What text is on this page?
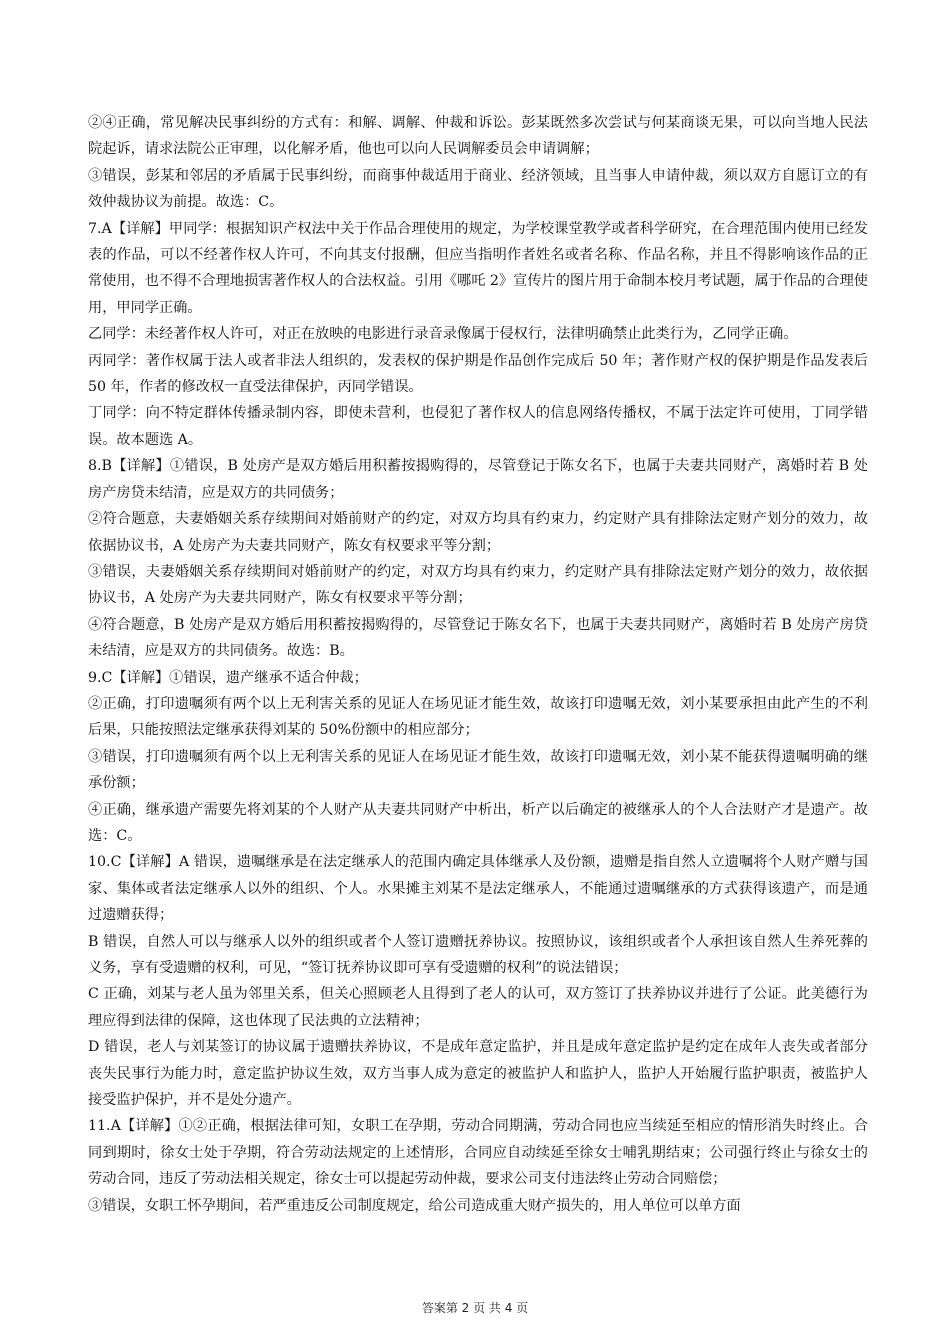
②④正确，常见解决民事纠纷的方式有：和解、调解、仲裁和诉讼。彭某既然多次尝试与何某商谈无果，可以向当地人民法院起诉，请求法院公正审理，以化解矛盾，他也可以向人民调解委员会申请调解；

③错误，彭某和邻居的矛盾属于民事纠纷，而商事仲裁适用于商业、经济领域，且当事人申请仲裁，须以双方自愿订立的有效仲裁协议为前提。故选：C。

7.A【详解】甲同学：根据知识产权法中关于作品合理使用的规定，为学校课堂教学或者科学研究，在合理范围内使用已经发表的作品，可以不经著作权人许可，不向其支付报酬，但应当指明作者姓名或者名称、作品名称，并且不得影响该作品的正常使用，也不得不合理地损害著作权人的合法权益。引用《哪吒 2》宣传片的图片用于命制本校月考试题，属于作品的合理使用，甲同学正确。

乙同学：未经著作权人许可，对正在放映的电影进行录音录像属于侵权行，法律明确禁止此类行为，乙同学正确。

丙同学：著作权属于法人或者非法人组织的，发表权的保护期是作品创作完成后 50 年；著作财产权的保护期是作品发表后 50 年，作者的修改权一直受法律保护，丙同学错误。

丁同学：向不特定群体传播录制内容，即使未营利，也侵犯了著作权人的信息网络传播权，不属于法定许可使用，丁同学错误。故本题选 A。

8.B【详解】①错误，B 处房产是双方婚后用积蓄按揭购得的，尽管登记于陈女名下，也属于夫妻共同财产，离婚时若 B 处房产房贷未结清，应是双方的共同债务；

②符合题意，夫妻婚姻关系存续期间对婚前财产的约定，对双方均具有约束力，约定财产具有排除法定财产划分的效力，故依据协议书，A 处房产为夫妻共同财产，陈女有权要求平等分割；

③错误，夫妻婚姻关系存续期间对婚前财产的约定，对双方均具有约束力，约定财产具有排除法定财产划分的效力，故依据协议书，A 处房产为夫妻共同财产，陈女有权要求平等分割；

④符合题意，B 处房产是双方婚后用积蓄按揭购得的，尽管登记于陈女名下，也属于夫妻共同财产，离婚时若 B 处房产房贷未结清，应是双方的共同债务。故选：B。

9.C【详解】①错误，遗产继承不适合仲裁；

②正确，打印遗嘱须有两个以上无利害关系的见证人在场见证才能生效，故该打印遗嘱无效，刘小某要承担由此产生的不利后果，只能按照法定继承获得刘某的 50%份额中的相应部分；

③错误，打印遗嘱须有两个以上无利害关系的见证人在场见证才能生效，故该打印遗嘱无效，刘小某不能获得遗嘱明确的继承份额；

④正确，继承遗产需要先将刘某的个人财产从夫妻共同财产中析出，析产以后确定的被继承人的个人合法财产才是遗产。故选：C。

10.C【详解】A 错误，遗嘱继承是在法定继承人的范围内确定具体继承人及份额，遗赠是指自然人立遗嘱将个人财产赠与国家、集体或者法定继承人以外的组织、个人。水果摊主刘某不是法定继承人，不能通过遗嘱继承的方式获得该遗产，而是通过遗赠获得；

B 错误，自然人可以与继承人以外的组织或者个人签订遗赠抚养协议。按照协议，该组织或者个人承担该自然人生养死葬的义务，享有受遗赠的权利，可见，“签订抚养协议即可享有受遗赠的权利”的说法错误；

C 正确，刘某与老人虽为邻里关系，但关心照顾老人且得到了老人的认可，双方签订了扶养协议并进行了公证。此美德行为理应得到法律的保障，这也体现了民法典的立法精神；

D 错误，老人与刘某签订的协议属于遗赠扶养协议，不是成年意定监护，并且是成年意定监护是约定在成年人丧失或者部分丧失民事行为能力时，意定监护协议生效，双方当事人成为意定的被监护人和监护人，监护人开始履行监护职责，被监护人接受监护保护，并不是处分遗产。

11.A【详解】①②正确，根据法律可知，女职工在孕期，劳动合同期满，劳动合同也应当续延至相应的情形消失时终止。合同到期时，徐女士处于孕期，符合劳动法规定的上述情形，合同应自动续延至徐女士哺乳期结束；公司强行终止与徐女士的劳动合同，违反了劳动法相关规定，徐女士可以提起劳动仲裁，要求公司支付违法终止劳动合同赔偿；

③错误，女职工怀孕期间，若严重违反公司制度规定，给公司造成重大财产损失的，用人单位可以单方面

答案第 2 页 共 4 页
